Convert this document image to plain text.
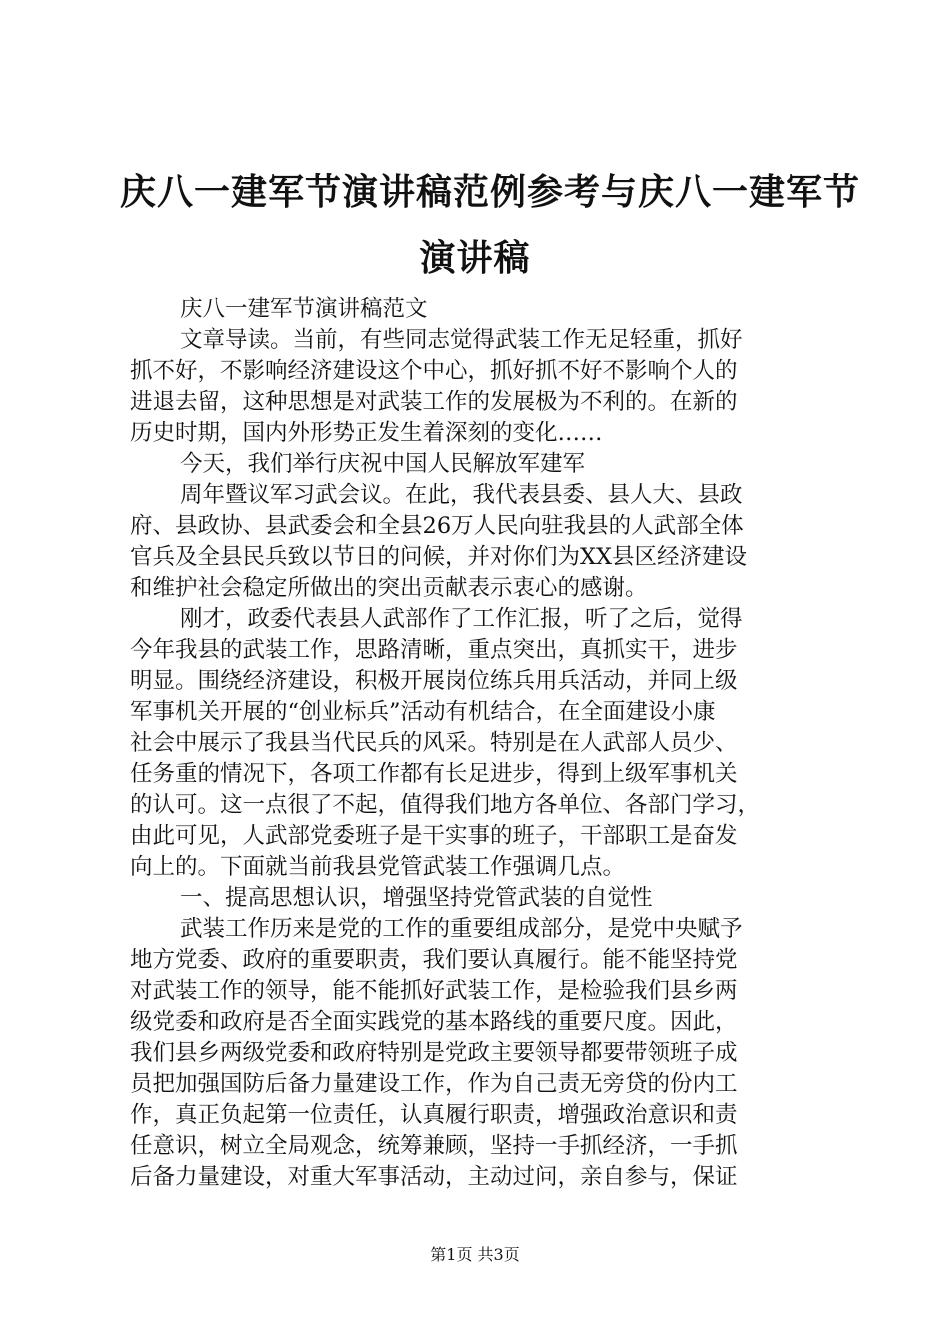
庆八一建军节演讲稿范例参考与庆八一建军节
演讲稿
庆八一建军节演讲稿范文
文章导读。当前，有些同志觉得武装工作无足轻重，抓好
抓不好，不影响经济建设这个中心，抓好抓不好不影响个人的
进退去留，这种思想是对武装工作的发展极为不利的。在新的
历史时期，国内外形势正发生着深刻的变化……
今天，我们举行庆祝中国人民解放军建军
周年暨议军习武会议。在此，我代表县委、县人大、县政
府、县政协、县武委会和全县26万人民向驻我县的人武部全体
官兵及全县民兵致以节日的问候，并对你们为XX县区经济建设
和维护社会稳定所做出的突出贡献表示衷心的感谢。
刚才，政委代表县人武部作了工作汇报，听了之后，觉得
今年我县的武装工作，思路清晰，重点突出，真抓实干，进步
明显。围绕经济建设，积极开展岗位练兵用兵活动，并同上级
军事机关开展的“创业标兵”活动有机结合，在全面建设小康
社会中展示了我县当代民兵的风采。特别是在人武部人员少、
任务重的情况下，各项工作都有长足进步，得到上级军事机关
的认可。这一点很了不起，值得我们地方各单位、各部门学习，
由此可见，人武部党委班子是干实事的班子，干部职工是奋发
向上的。下面就当前我县党管武装工作强调几点。
一、提高思想认识，增强坚持党管武装的自觉性
武装工作历来是党的工作的重要组成部分，是党中央赋予
地方党委、政府的重要职责，我们要认真履行。能不能坚持党
对武装工作的领导，能不能抓好武装工作，是检验我们县乡两
级党委和政府是否全面实践党的基本路线的重要尺度。因此，
我们县乡两级党委和政府特别是党政主要领导都要带领班子成
员把加强国防后备力量建设工作，作为自己责无旁贷的份内工
作，真正负起第一位责任，认真履行职责，增强政治意识和责
任意识，树立全局观念，统筹兼顾，坚持一手抓经济，一手抓
后备力量建设，对重大军事活动，主动过问，亲自参与，保证
第1页 共3页
